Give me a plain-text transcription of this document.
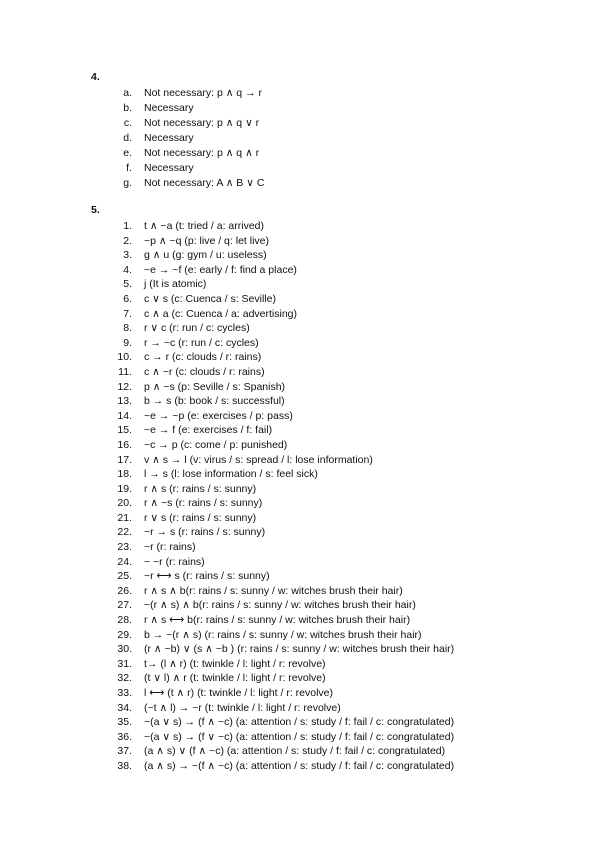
4.
a.	Not necessary: p ∧ q → r
b.	Necessary
c.	Not necessary: p ∧ q ∨ r
d.	Necessary
e.	Not necessary: p ∧ q ∧ r
f.	Necessary
g.	Not necessary: A ∧ B ∨ C
5.
1.	t ∧ ~a (t: tried / a: arrived)
2.	~p ∧ ~q (p: live / q: let live)
3.	g ∧ u (g: gym / u: useless)
4.	~e → ~f (e: early / f: find a place)
5.	j (It is atomic)
6.	c ∨ s (c: Cuenca / s: Seville)
7.	c ∧ a (c: Cuenca / a: advertising)
8.	r ∨ c (r: run / c: cycles)
9.	r → ~c (r: run / c: cycles)
10.	c → r (c: clouds / r: rains)
11.	c ∧ ~r (c: clouds / r: rains)
12.	p ∧ ~s (p: Seville / s: Spanish)
13.	b → s (b: book / s: successful)
14.	~e → ~p (e: exercises / p: pass)
15.	~e → f (e: exercises / f: fail)
16.	~c → p (c: come / p: punished)
17.	v ∧ s → l (v: virus / s: spread / l: lose information)
18.	l → s (l: lose information / s: feel sick)
19.	r ∧ s (r: rains / s: sunny)
20.	r ∧ ~s (r: rains / s: sunny)
21.	r ∨ s (r: rains / s: sunny)
22.	~r → s (r: rains / s: sunny)
23.	~r (r: rains)
24.	~ ~r (r: rains)
25.	~r ⟷ s (r: rains / s: sunny)
26.	r ∧ s ∧ b(r: rains / s: sunny / w: witches brush their hair)
27.	~(r ∧ s) ∧ b(r: rains / s: sunny / w: witches brush their hair)
28.	r ∧ s ⟷ b(r: rains / s: sunny / w: witches brush their hair)
29.	b → ~(r ∧ s) (r: rains / s: sunny / w: witches brush their hair)
30.	(r ∧ ~b) ∨ (s ∧ ~b ) (r: rains / s: sunny / w: witches brush their hair)
31.	t→ (l ∧ r) (t: twinkle / l: light / r: revolve)
32.	(t ∨ l) ∧ r (t: twinkle / l: light / r: revolve)
33.	l ⟷ (t ∧ r) (t: twinkle / l: light / r: revolve)
34.	(~t ∧ l) → ~r (t: twinkle / l: light / r: revolve)
35.	~(a ∨ s) → (f ∧ ~c) (a: attention / s: study / f: fail / c: congratulated)
36.	~(a ∨ s) → (f ∨ ~c) (a: attention / s: study / f: fail / c: congratulated)
37.	(a ∧ s) ∨ (f ∧ ~c) (a: attention / s: study / f: fail / c: congratulated)
38.	(a ∧ s) → ~(f ∧ ~c) (a: attention / s: study / f: fail / c: congratulated)
